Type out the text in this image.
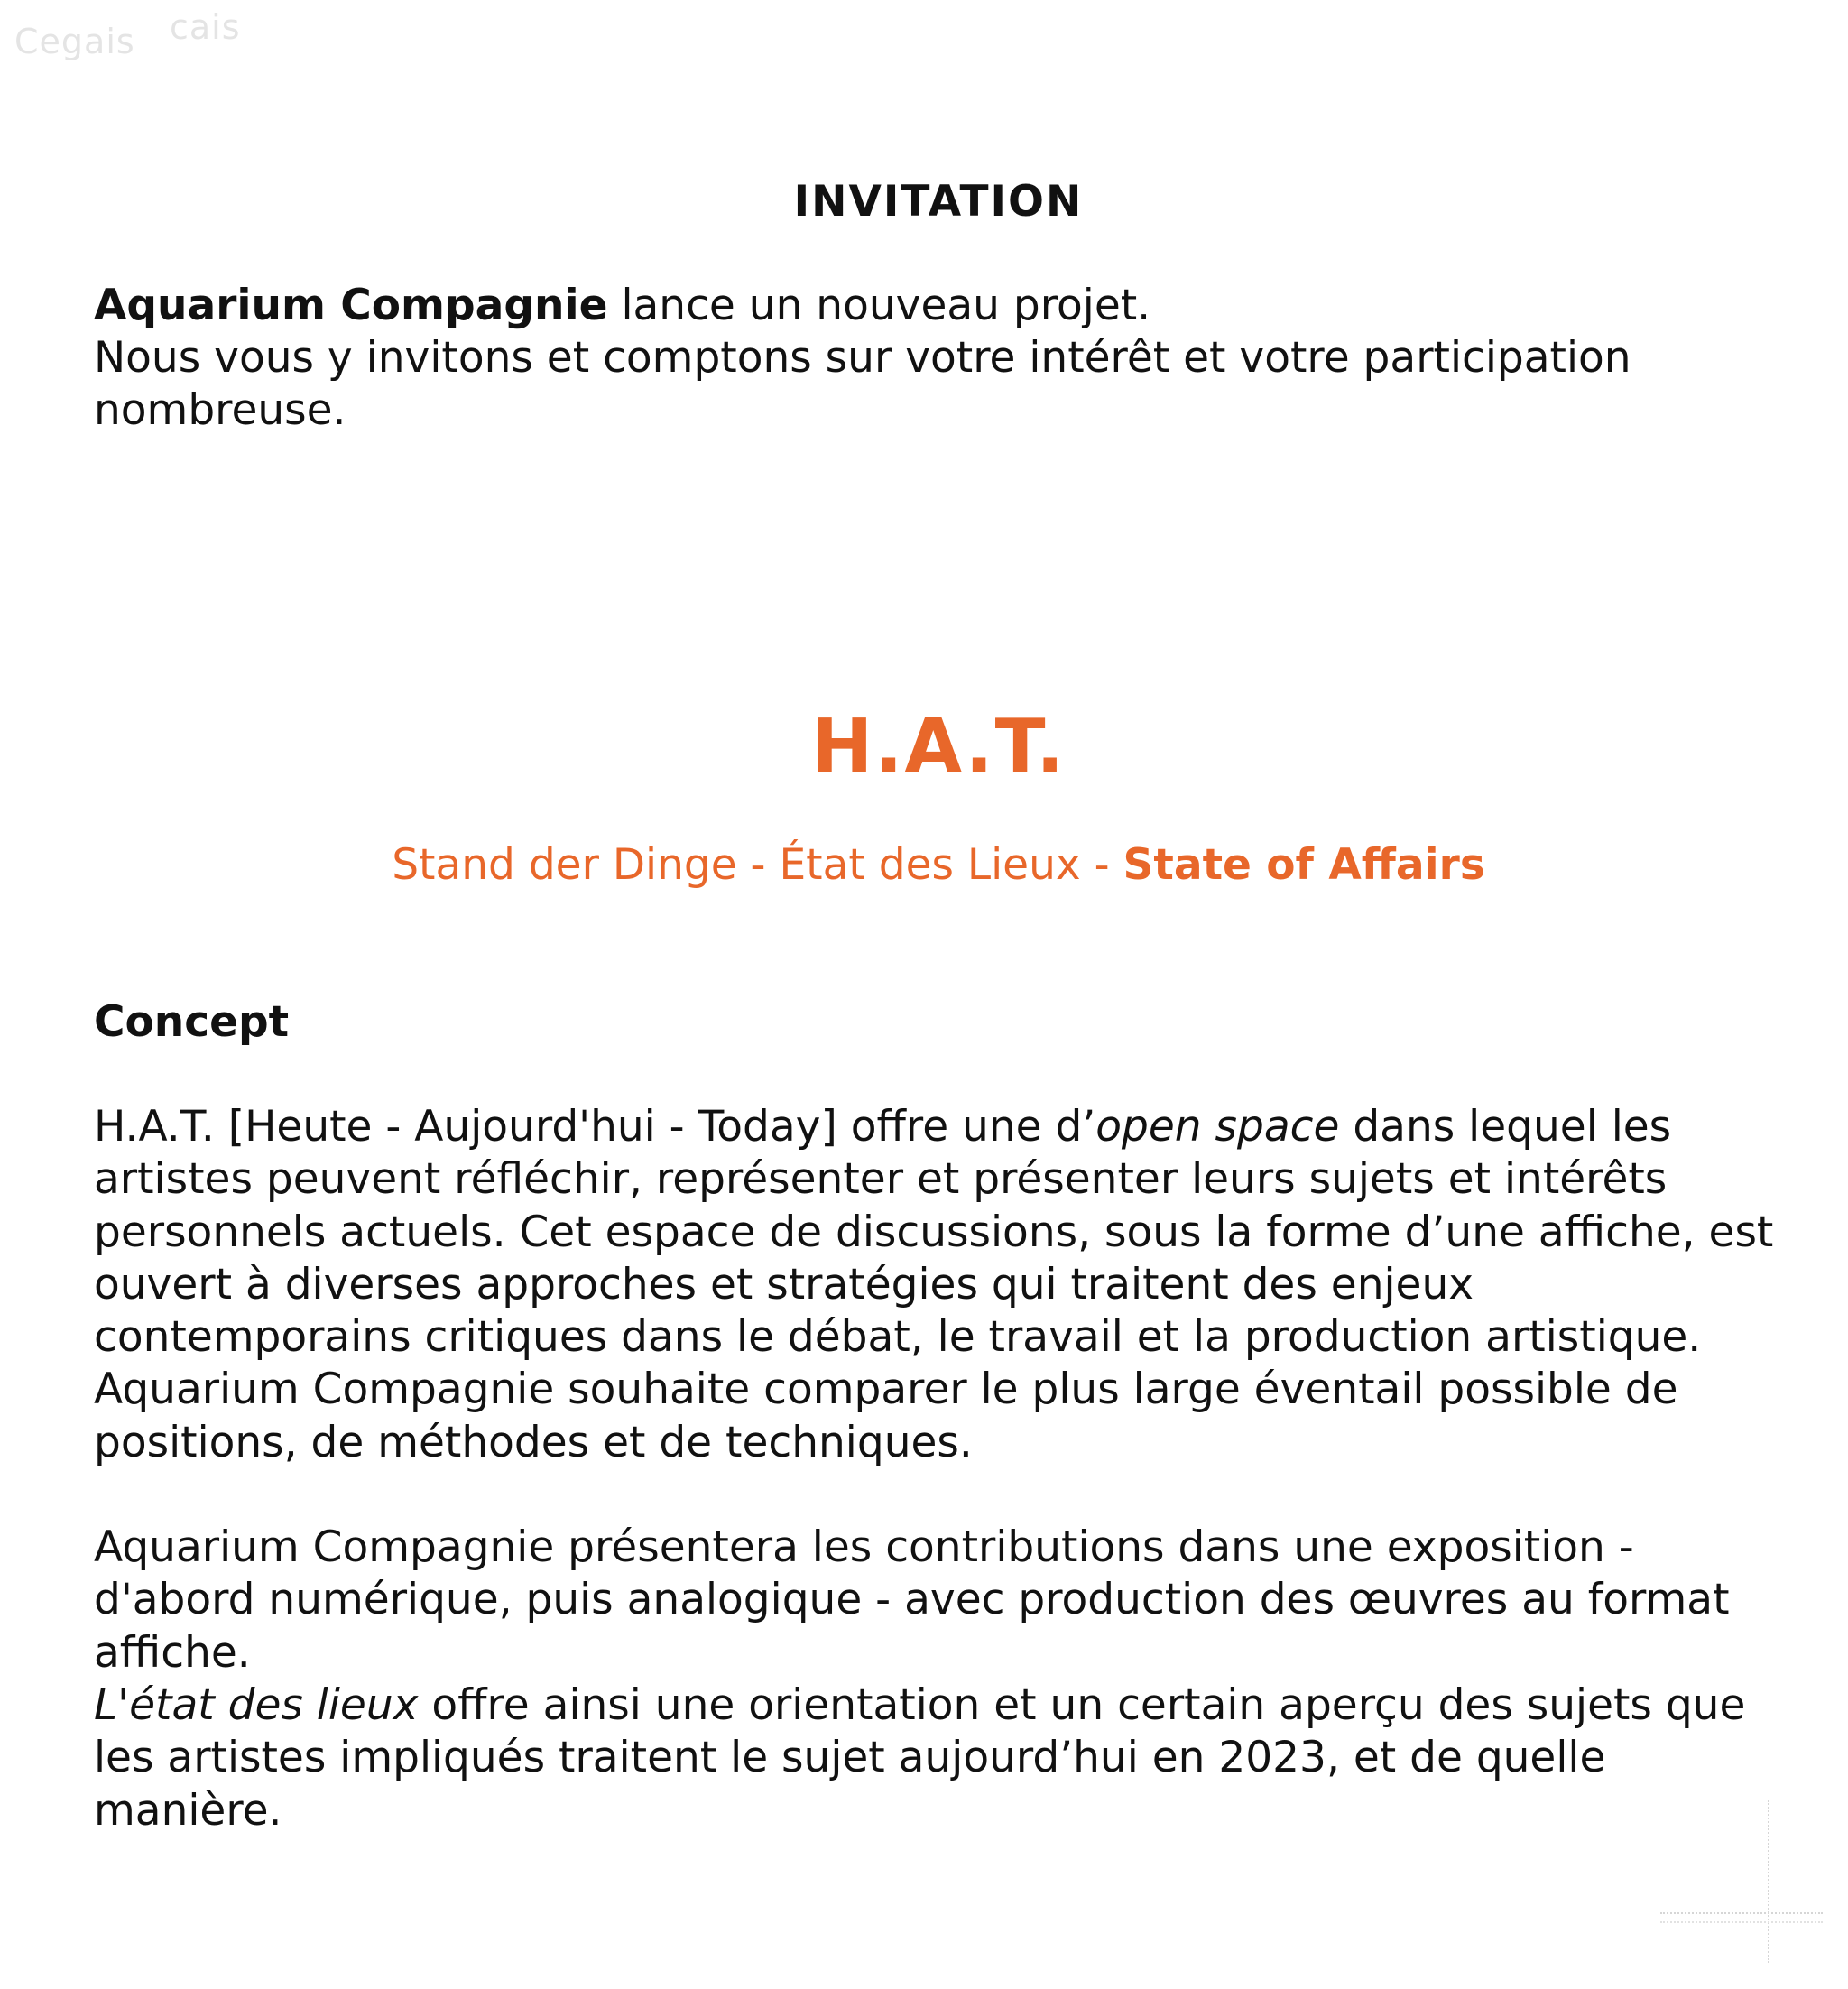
Cegais cais
INVITATION

Aquarium Compagnie lance un nouveau projet.

Nous vous y invitons et comptons sur votre intérêt et votre participation nombreuse.

H.A.T.
Stand der Dinge - État des Lieux - State of Affairs
Concept

H.A.T. [Heute - Aujourd'hui - Today] offre une d’open space dans lequel les artistes peuvent réfléchir, représenter et présenter leurs sujets et intérêts personnels actuels. Cet espace de discussions, sous la forme d’une affiche, est ouvert à diverses approches et stratégies qui traitent des enjeux contemporains critiques dans le débat, le travail et la production artistique. Aquarium Compagnie souhaite comparer le plus large éventail possible de positions, de méthodes et de techniques.

Aquarium Compagnie présentera les contributions dans une exposition - d'abord numérique, puis analogique - avec production des œuvres au format affiche.

L'état des lieux offre ainsi une orientation et un certain aperçu des sujets que les artistes impliqués traitent le sujet aujourd’hui en 2023, et de quelle manière.
